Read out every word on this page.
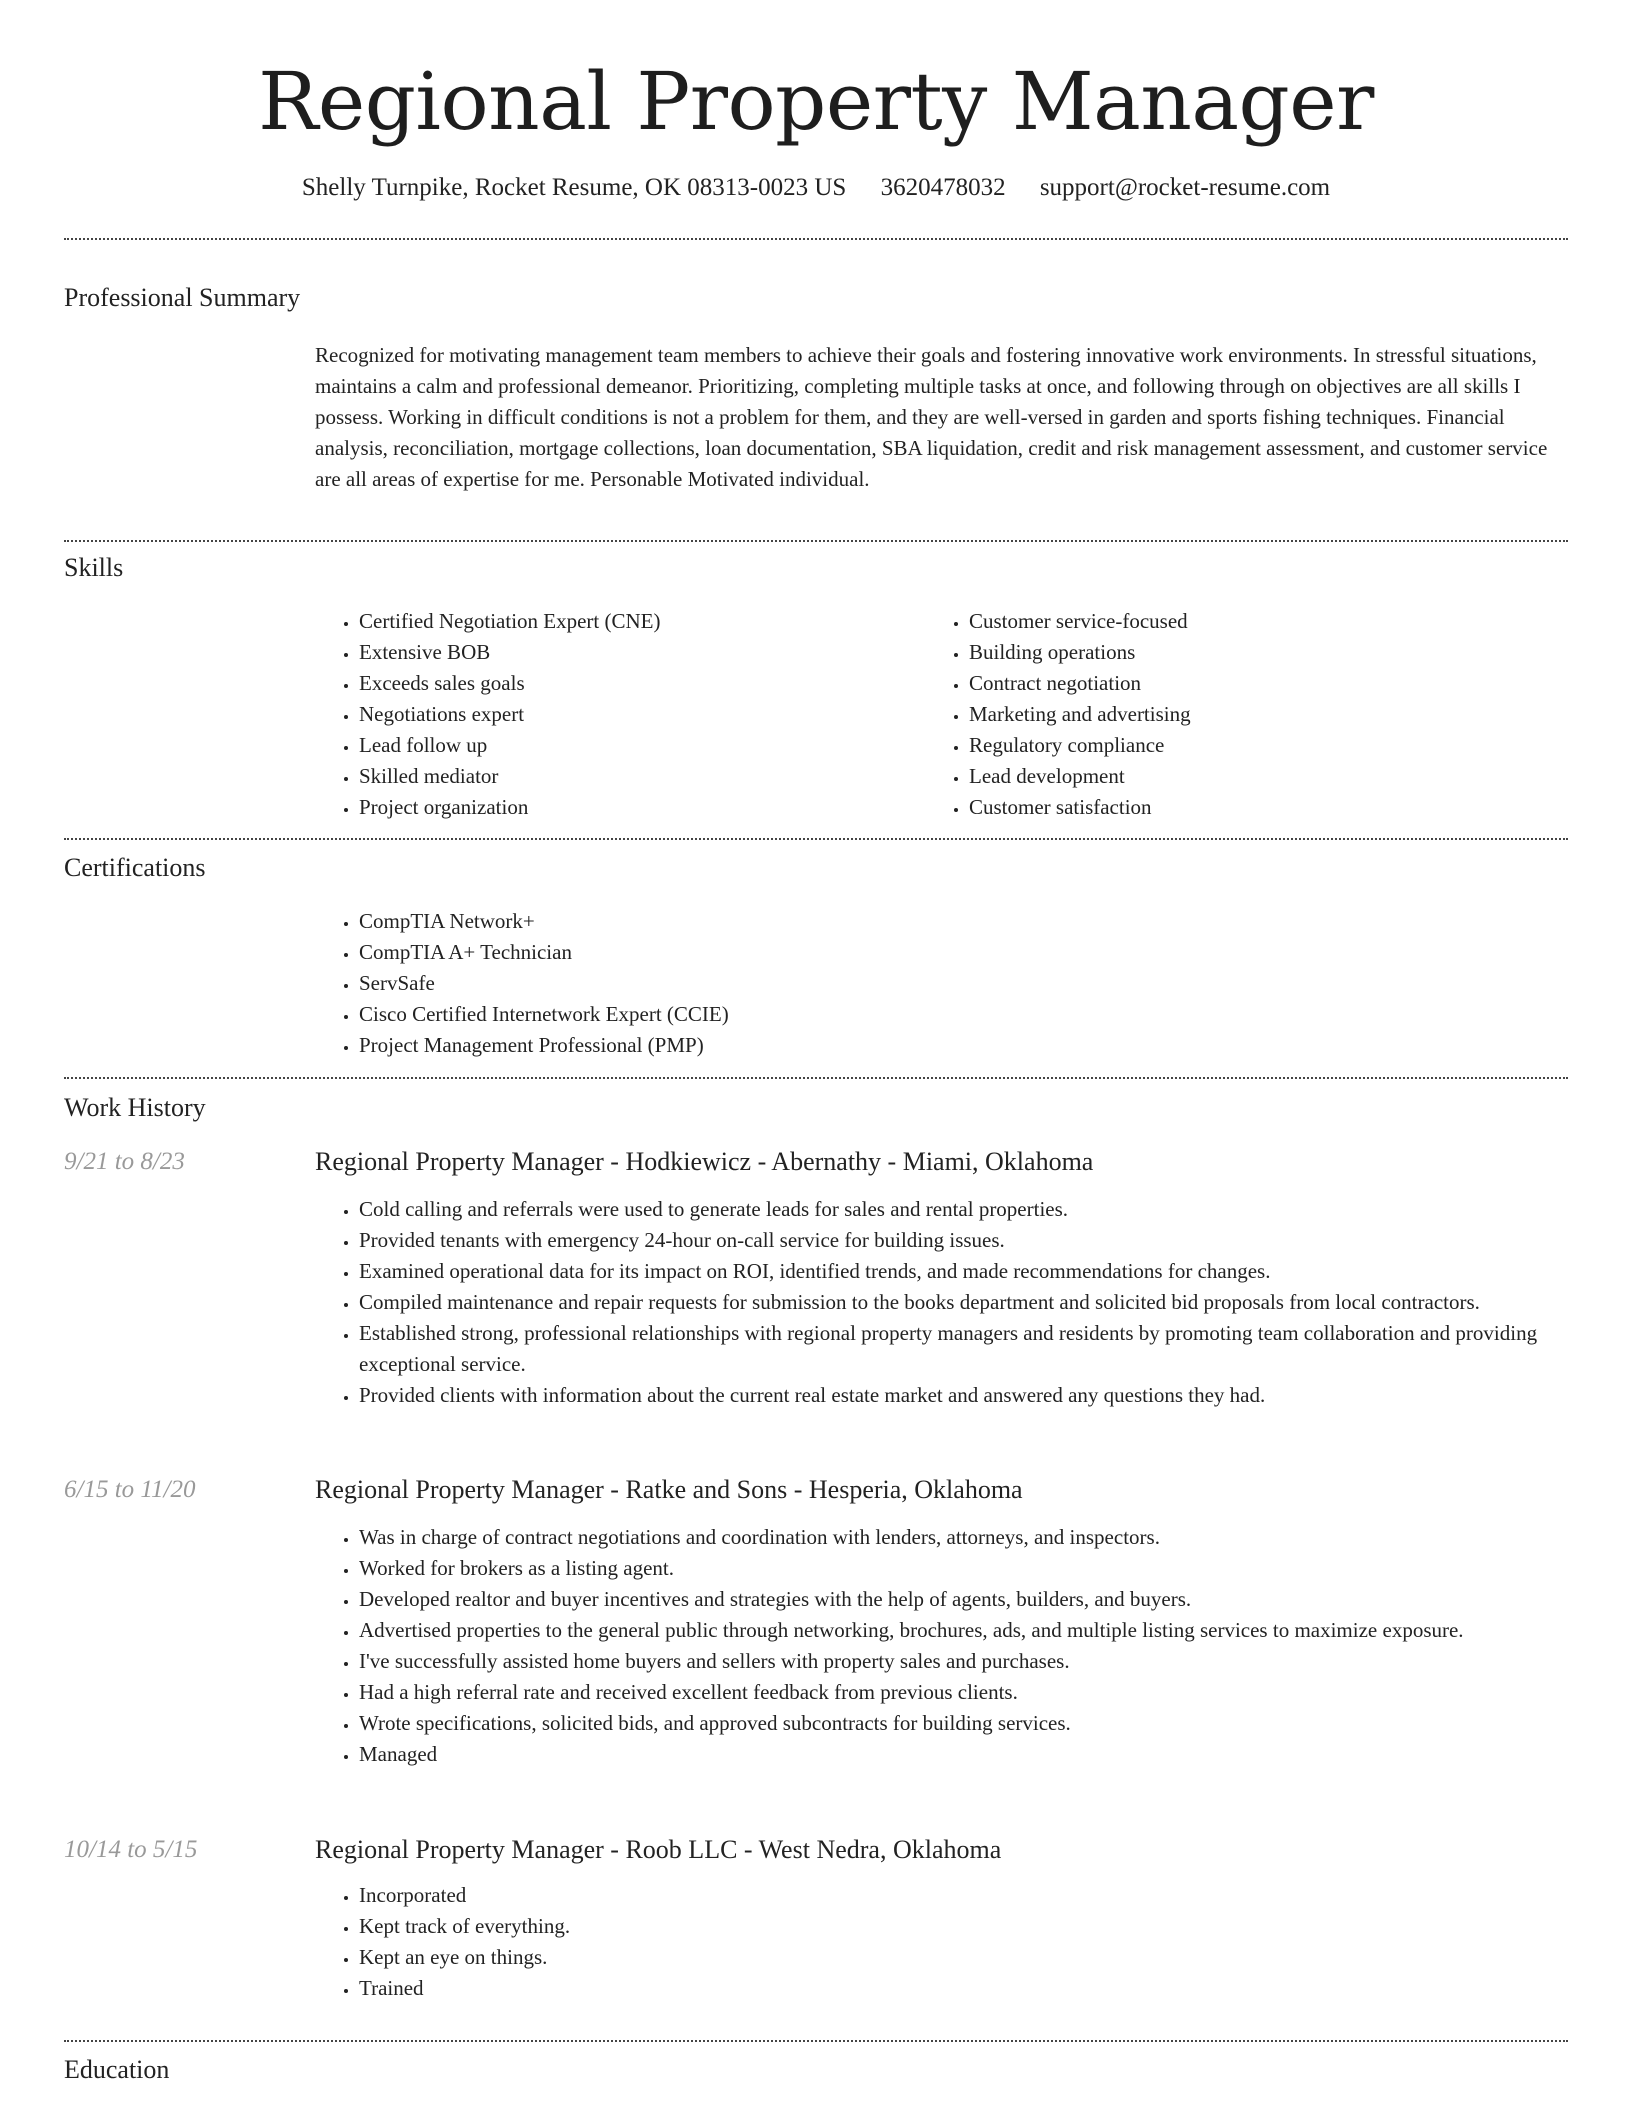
Regional Property Manager
Shelly Turnpike, Rocket Resume, OK 08313-0023 US 3620478032 support@rocket-resume.com
Professional Summary

Recognized for motivating management team members to achieve their goals and fostering innovative work environments. In stressful situations, maintains a calm and professional demeanor. Prioritizing, completing multiple tasks at once, and following through on objectives are all skills I possess. Working in difficult conditions is not a problem for them, and they are well-versed in garden and sports fishing techniques. Financial analysis, reconciliation, mortgage collections, loan documentation, SBA liquidation, credit and risk management assessment, and customer service are all areas of expertise for me. Personable Motivated individual.

Skills
• Certified Negotiation Expert (CNE)
• Extensive BOB
• Exceeds sales goals
• Negotiations expert
• Lead follow up
• Skilled mediator
• Project organization
• Customer service-focused
• Building operations
• Contract negotiation
• Marketing and advertising
• Regulatory compliance
• Lead development
• Customer satisfaction
Certifications
• CompTIA Network+
• CompTIA A+ Technician
• ServSafe
• Cisco Certified Internetwork Expert (CCIE)
• Project Management Professional (PMP)
Work History
9/21 to 8/23	Regional Property Manager - Hodkiewicz - Abernathy - Miami, Oklahoma
• Cold calling and referrals were used to generate leads for sales and rental properties.
• Provided tenants with emergency 24-hour on-call service for building issues.
• Examined operational data for its impact on ROI, identified trends, and made recommendations for changes.
• Compiled maintenance and repair requests for submission to the books department and solicited bid proposals from local contractors.
• Established strong, professional relationships with regional property managers and residents by promoting team collaboration and providing exceptional service.
• Provided clients with information about the current real estate market and answered any questions they had.
6/15 to 11/20	Regional Property Manager - Ratke and Sons - Hesperia, Oklahoma
• Was in charge of contract negotiations and coordination with lenders, attorneys, and inspectors.
• Worked for brokers as a listing agent.
• Developed realtor and buyer incentives and strategies with the help of agents, builders, and buyers.
• Advertised properties to the general public through networking, brochures, ads, and multiple listing services to maximize exposure.
• I've successfully assisted home buyers and sellers with property sales and purchases.
• Had a high referral rate and received excellent feedback from previous clients.
• Wrote specifications, solicited bids, and approved subcontracts for building services.
• Managed
10/14 to 5/15	Regional Property Manager - Roob LLC - West Nedra, Oklahoma
• Incorporated
• Kept track of everything.
• Kept an eye on things.
• Trained
Education
